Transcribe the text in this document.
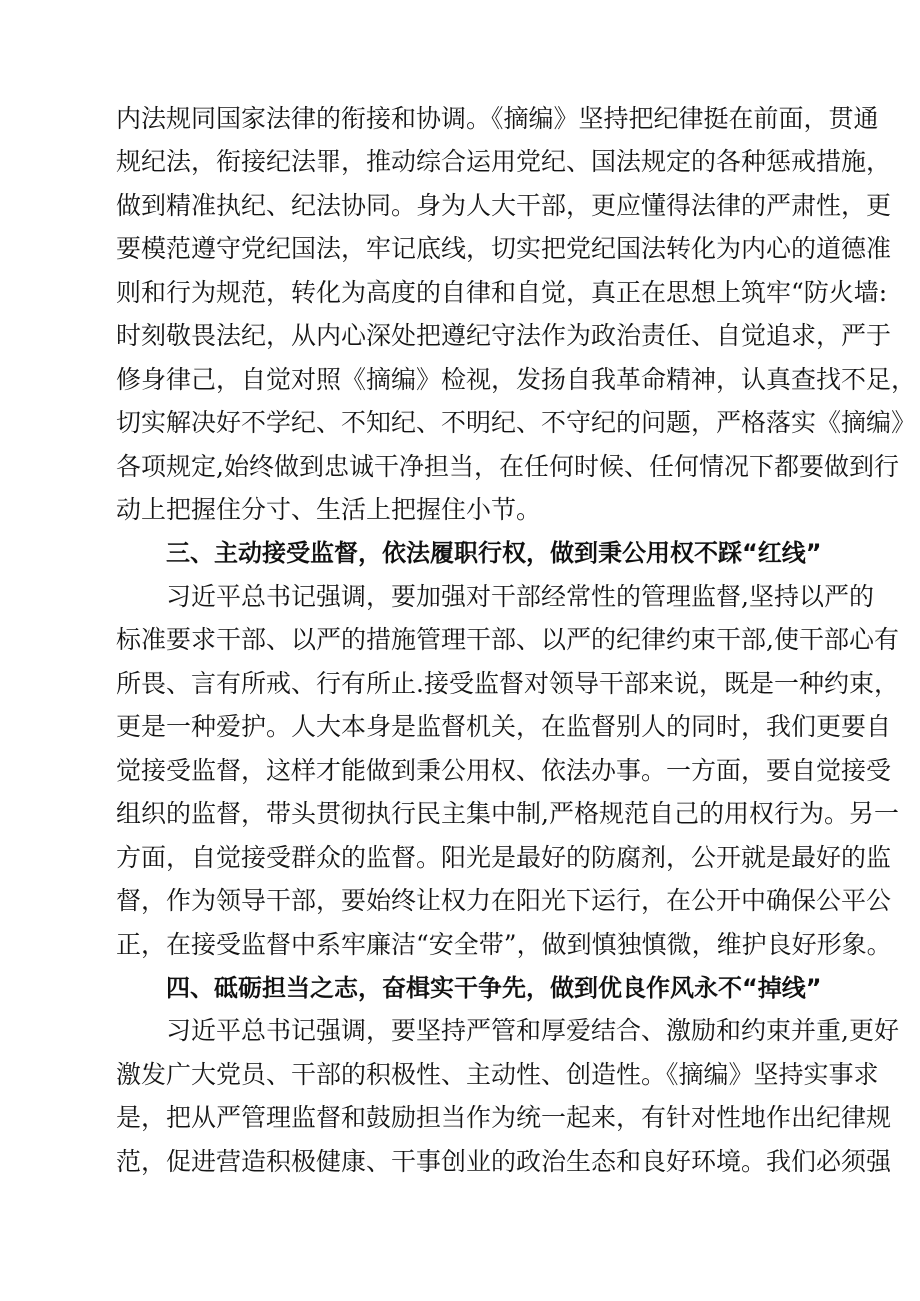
内法规同国家法律的衔接和协调。《摘编》坚持把纪律挺在前面，贯通
规纪法，衔接纪法罪，推动综合运用党纪、国法规定的各种惩戒措施，
做到精准执纪、纪法协同。身为人大干部，更应懂得法律的严肃性，更
要模范遵守党纪国法，牢记底线，切实把党纪国法转化为内心的道德准
则和行为规范，转化为高度的自律和自觉，真正在思想上筑牢“防火墙:
时刻敬畏法纪，从内心深处把遵纪守法作为政治责任、自觉追求，严于
修身律己，自觉对照《摘编》检视，发扬自我革命精神，认真查找不足，
切实解决好不学纪、不知纪、不明纪、不守纪的问题，严格落实《摘编》
各项规定,始终做到忠诚干净担当，在任何时候、任何情况下都要做到行
动上把握住分寸、生活上把握住小节。
三、主动接受监督，依法履职行权，做到秉公用权不踩“红线”
习近平总书记强调，要加强对干部经常性的管理监督,坚持以严的
标准要求干部、以严的措施管理干部、以严的纪律约束干部,使干部心有
所畏、言有所戒、行有所止.接受监督对领导干部来说，既是一种约束，
更是一种爱护。人大本身是监督机关，在监督别人的同时，我们更要自
觉接受监督，这样才能做到秉公用权、依法办事。一方面，要自觉接受
组织的监督，带头贯彻执行民主集中制,严格规范自己的用权行为。另一
方面，自觉接受群众的监督。阳光是最好的防腐剂，公开就是最好的监
督，作为领导干部，要始终让权力在阳光下运行，在公开中确保公平公
正，在接受监督中系牢廉洁“安全带”，做到慎独慎微，维护良好形象。
四、砥砺担当之志，奋楫实干争先，做到优良作风永不“掉线”
习近平总书记强调，要坚持严管和厚爱结合、激励和约束并重,更好
激发广大党员、干部的积极性、主动性、创造性。《摘编》坚持实事求
是，把从严管理监督和鼓励担当作为统一起来，有针对性地作出纪律规
范，促进营造积极健康、干事创业的政治生态和良好环境。我们必须强
